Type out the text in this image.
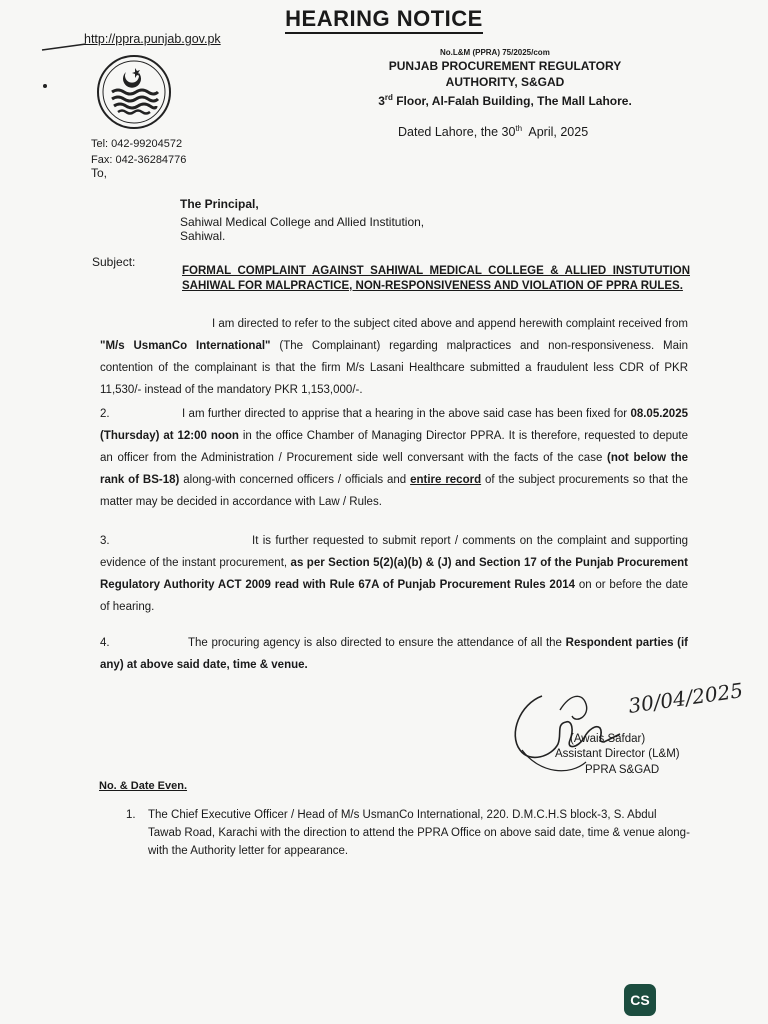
HEARING NOTICE
http://ppra.punjab.gov.pk
No.L&M (PPRA) 75/2025/com
PUNJAB PROCUREMENT REGULATORY
AUTHORITY, S&GAD
3rd Floor, Al-Falah Building, The Mall Lahore.
Dated Lahore, the 30th  April, 2025
Tel: 042-99204572
Fax: 042-36284776
To,
The Principal,
Sahiwal Medical College and Allied Institution,
Sahiwal.
Subject:
FORMAL COMPLAINT AGAINST SAHIWAL MEDICAL COLLEGE & ALLIED INSTUTUTION SAHIWAL FOR MALPRACTICE, NON-RESPONSIVENESS AND VIOLATION OF PPRA RULES.
I am directed to refer to the subject cited above and append herewith complaint received from "M/s UsmanCo International" (The Complainant) regarding malpractices and non-responsiveness. Main contention of the complainant is that the firm M/s Lasani Healthcare submitted a fraudulent less CDR of PKR 11,530/- instead of the mandatory PKR 1,153,000/-.
2.	I am further directed to apprise that a hearing in the above said case has been fixed for 08.05.2025 (Thursday) at 12:00 noon in the office Chamber of Managing Director PPRA. It is therefore, requested to depute an officer from the Administration / Procurement side well conversant with the facts of the case (not below the rank of BS-18) along-with concerned officers / officials and entire record of the subject procurements so that the matter may be decided in accordance with Law / Rules.
3.	It is further requested to submit report / comments on the complaint and supporting evidence of the instant procurement, as per Section 5(2)(a)(b) & (J) and Section 17 of the Punjab Procurement Regulatory Authority ACT 2009 read with Rule 67A of Punjab Procurement Rules 2014 on or before the date of hearing.
4.	The procuring agency is also directed to ensure the attendance of all the Respondent parties (if any) at above said date, time & venue.
30/04/2025
(Awais Safdar)
Assistant Director (L&M)
PPRA S&GAD
No. & Date Even.
1. The Chief Executive Officer / Head of M/s UsmanCo International, 220. D.M.C.H.S block-3, S. Abdul Tawab Road, Karachi with the direction to attend the PPRA Office on above said date, time & venue along-with the Authority letter for appearance.
CS
